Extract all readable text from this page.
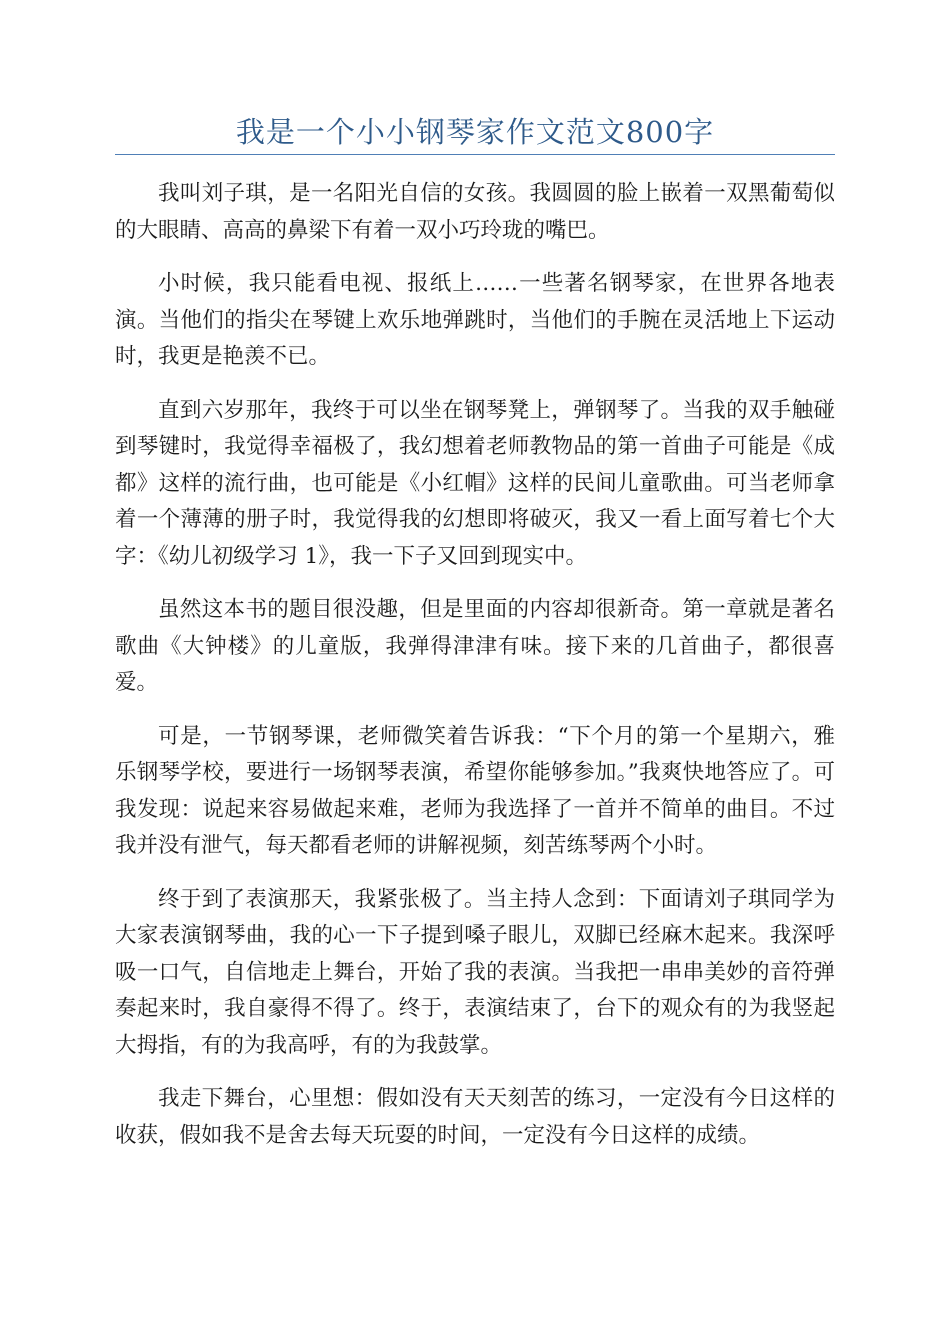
我是一个小小钢琴家作文范文800字

我叫刘子琪，是一名阳光自信的女孩。我圆圆的脸上嵌着一双黑葡萄似的大眼睛、高高的鼻梁下有着一双小巧玲珑的嘴巴。

小时候，我只能看电视、报纸上……一些著名钢琴家，在世界各地表演。当他们的指尖在琴键上欢乐地弹跳时，当他们的手腕在灵活地上下运动时，我更是艳羡不已。

直到六岁那年，我终于可以坐在钢琴凳上，弹钢琴了。当我的双手触碰到琴键时，我觉得幸福极了，我幻想着老师教物品的第一首曲子可能是《成都》这样的流行曲，也可能是《小红帽》这样的民间儿童歌曲。可当老师拿着一个薄薄的册子时，我觉得我的幻想即将破灭，我又一看上面写着七个大字：《幼儿初级学习 1》，我一下子又回到现实中。

虽然这本书的题目很没趣，但是里面的内容却很新奇。第一章就是著名歌曲《大钟楼》的儿童版，我弹得津津有味。接下来的几首曲子，都很喜爱。

可是，一节钢琴课，老师微笑着告诉我：“下个月的第一个星期六，雅乐钢琴学校，要进行一场钢琴表演，希望你能够参加。”我爽快地答应了。可我发现：说起来容易做起来难，老师为我选择了一首并不简单的曲目。不过我并没有泄气，每天都看老师的讲解视频，刻苦练琴两个小时。

终于到了表演那天，我紧张极了。当主持人念到：下面请刘子琪同学为大家表演钢琴曲，我的心一下子提到嗓子眼儿，双脚已经麻木起来。我深呼吸一口气，自信地走上舞台，开始了我的表演。当我把一串串美妙的音符弹奏起来时，我自豪得不得了。终于，表演结束了，台下的观众有的为我竖起大拇指，有的为我高呼，有的为我鼓掌。

我走下舞台，心里想：假如没有天天刻苦的练习，一定没有今日这样的收获，假如我不是舍去每天玩耍的时间，一定没有今日这样的成绩。
